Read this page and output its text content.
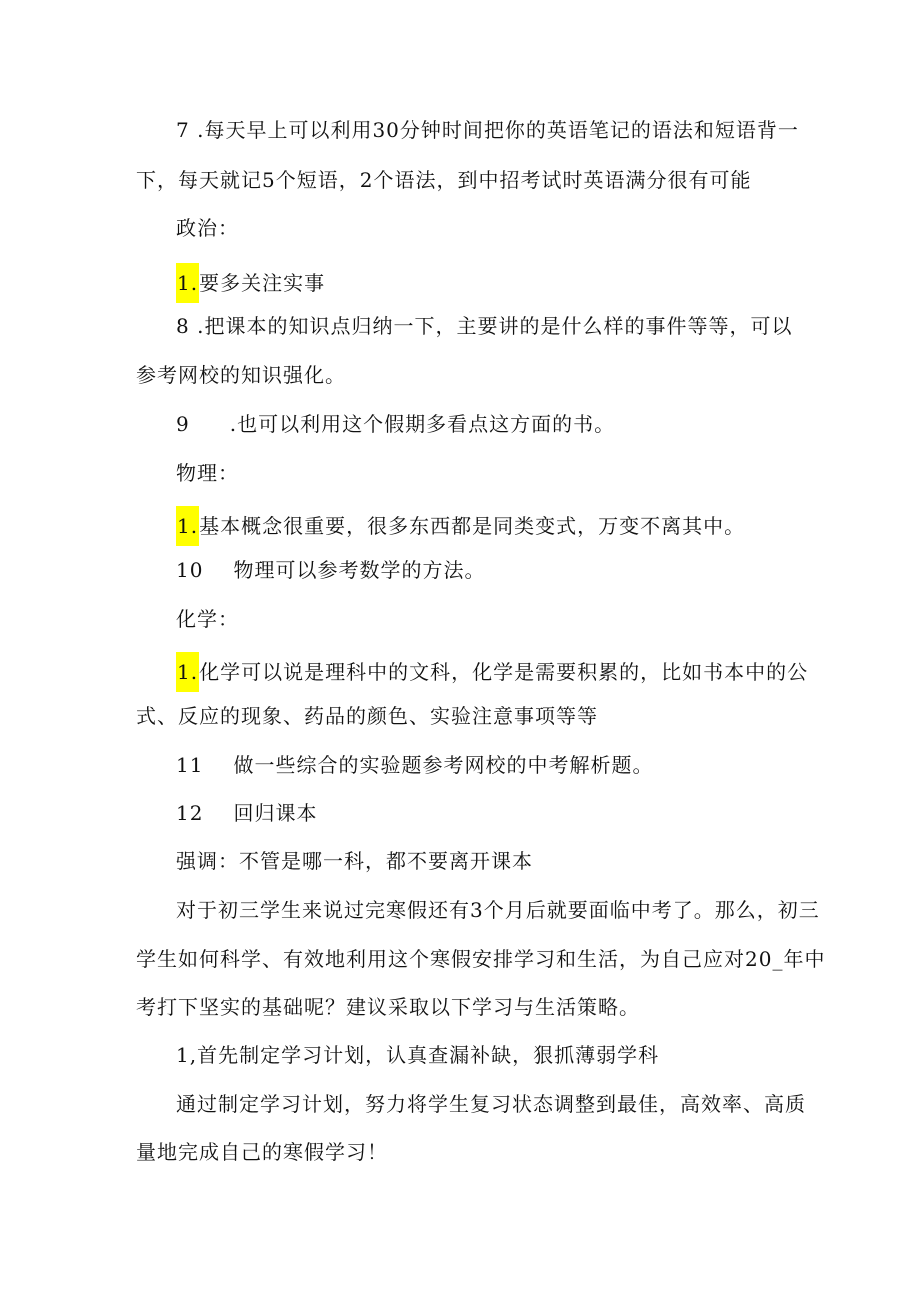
7 .每天早上可以利用30分钟时间把你的英语笔记的语法和短语背一
下，每天就记5个短语，2个语法，到中招考试时英语满分很有可能
政治：
1.要多关注实事
8 .把课本的知识点归纳一下，主要讲的是什么样的事件等等，可以
参考网校的知识强化。
9 .也可以利用这个假期多看点这方面的书。
物理：
1.基本概念很重要，很多东西都是同类变式，万变不离其中。
10 物理可以参考数学的方法。
化学：
1.化学可以说是理科中的文科，化学是需要积累的，比如书本中的公
式、反应的现象、药品的颜色、实验注意事项等等
11 做一些综合的实验题参考网校的中考解析题。
12 回归课本
强调：不管是哪一科，都不要离开课本
对于初三学生来说过完寒假还有3个月后就要面临中考了。那么，初三
学生如何科学、有效地利用这个寒假安排学习和生活，为自己应对20_年中
考打下坚实的基础呢？建议采取以下学习与生活策略。
1,首先制定学习计划，认真查漏补缺，狠抓薄弱学科
通过制定学习计划，努力将学生复习状态调整到最佳，高效率、高质
量地完成自己的寒假学习！
